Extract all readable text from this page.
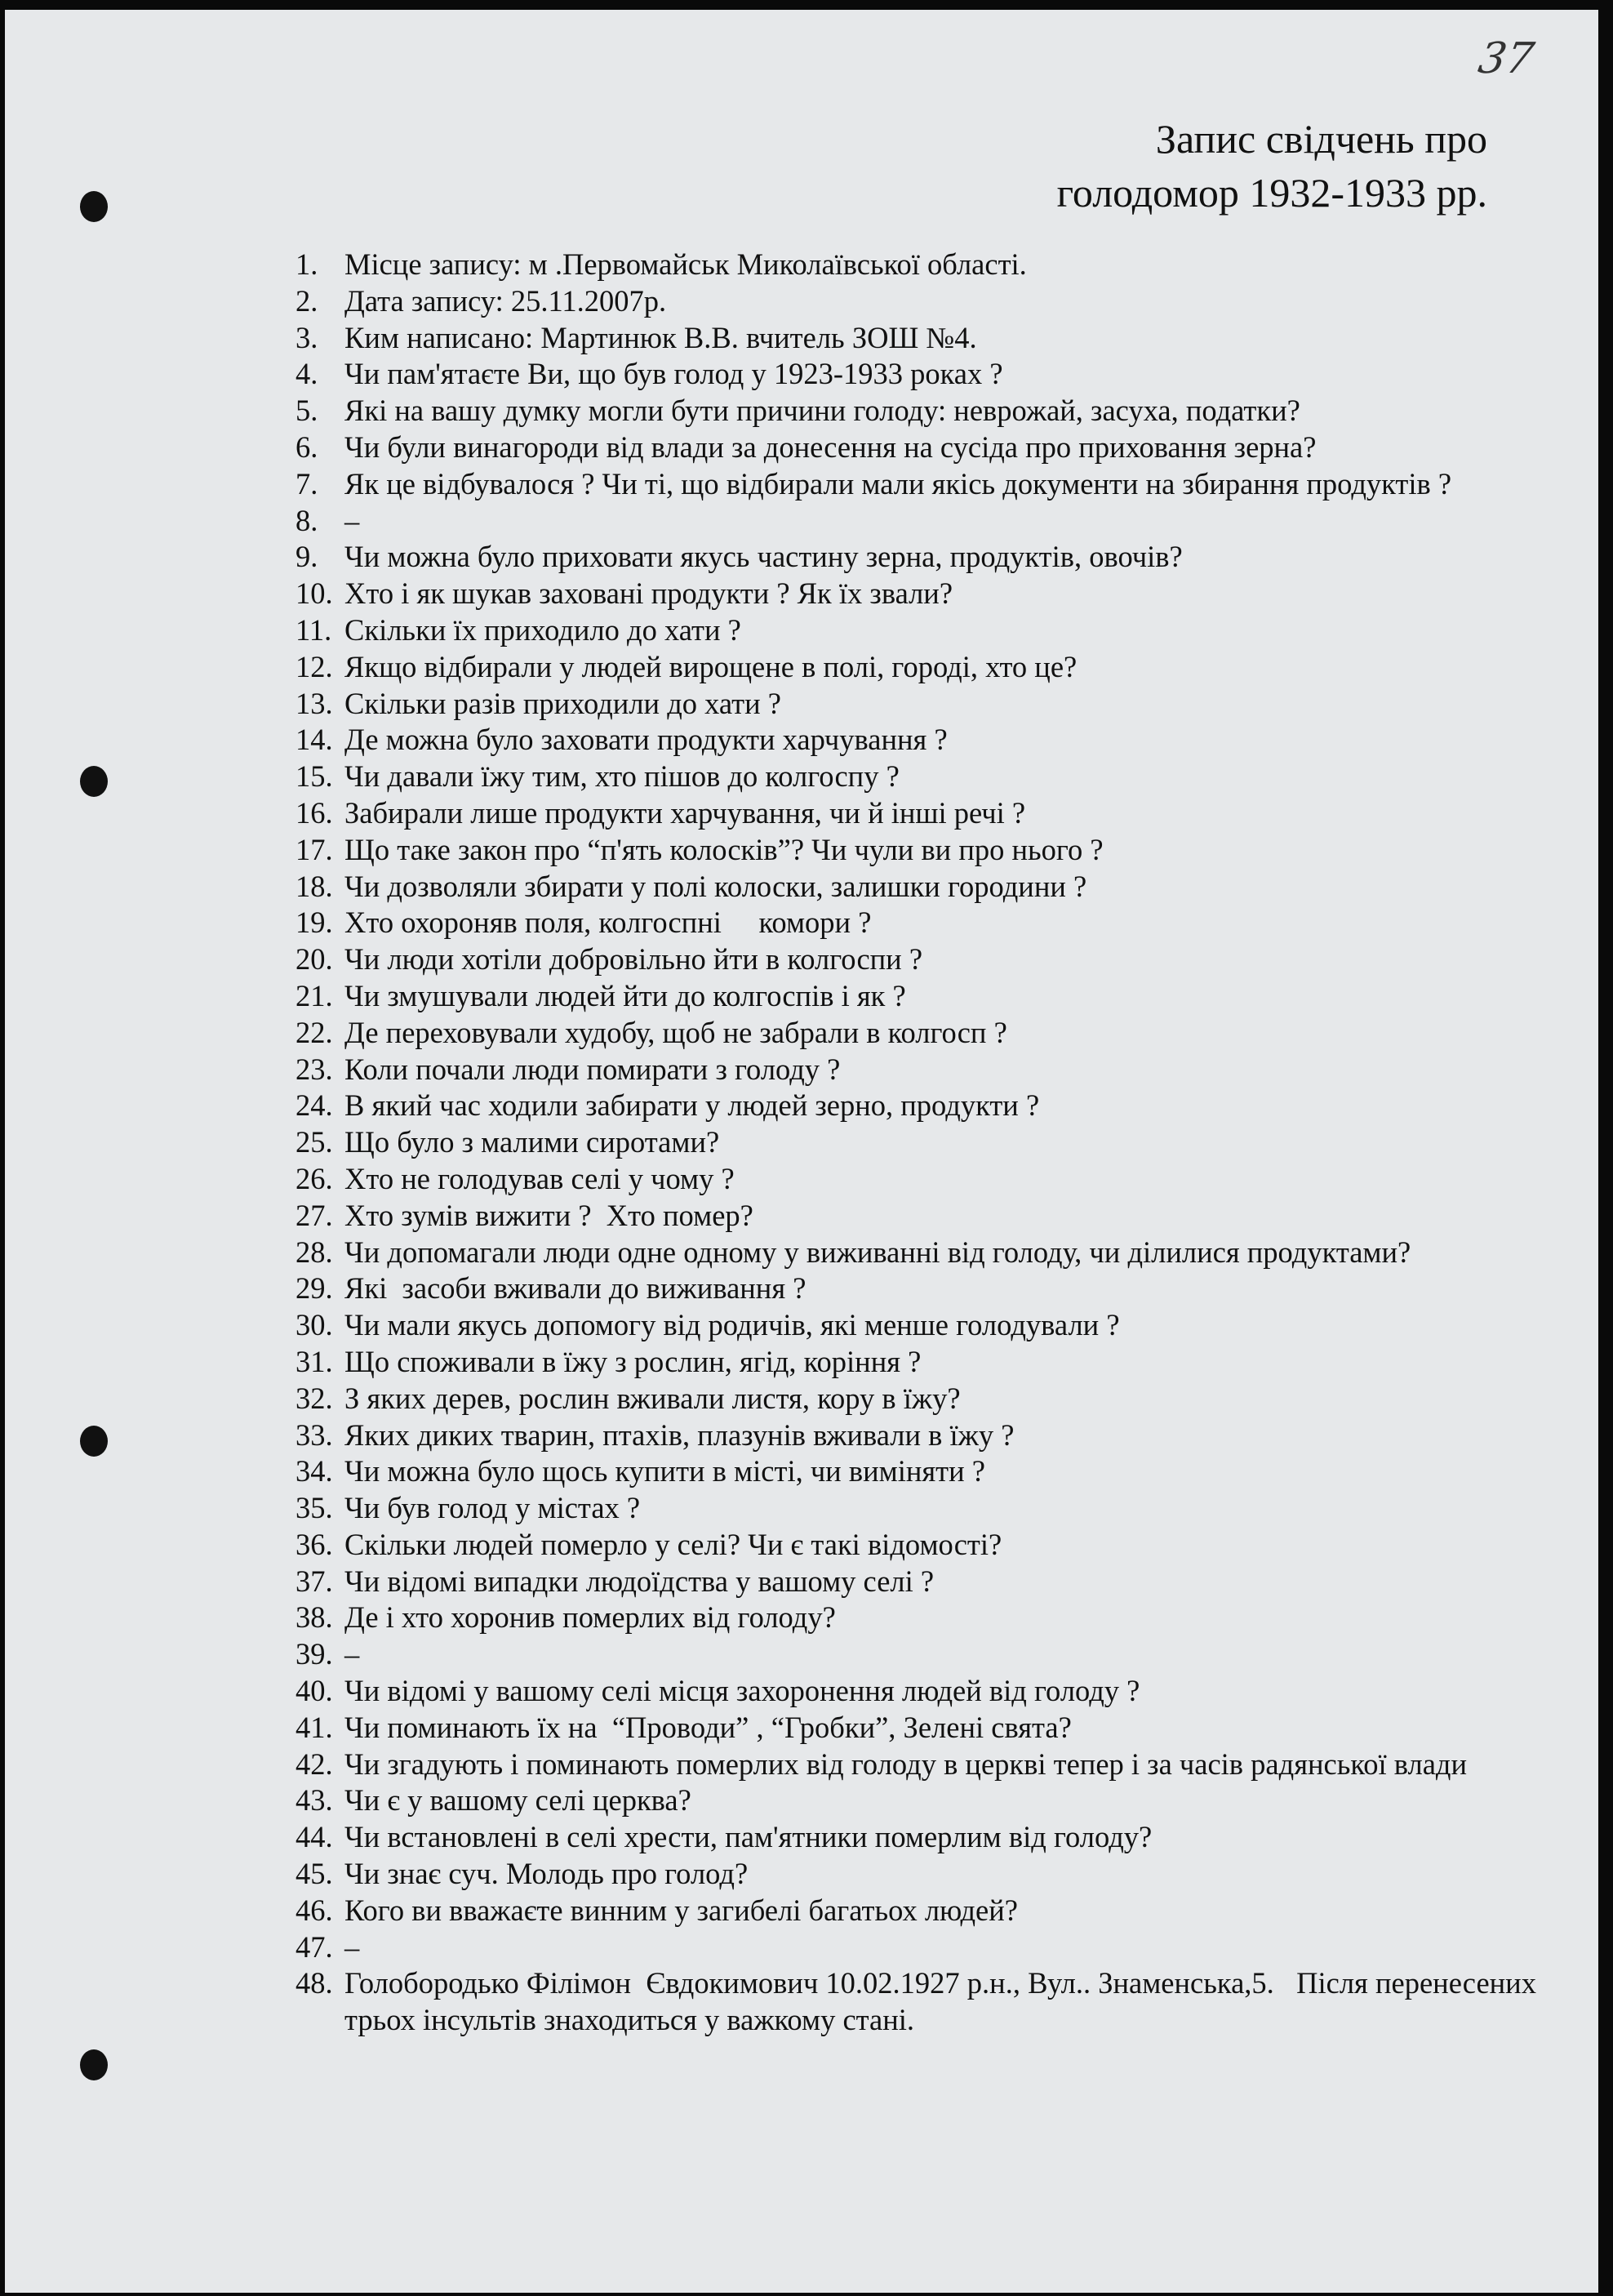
37
Запис свідчень про
голодомор 1932-1933 рр.
1. Місце запису: м .Первомайськ Миколаївської області.
2. Дата запису: 25.11.2007р.
3. Ким написано: Мартинюк В.В. вчитель ЗОШ №4.
4. Чи пам'ятаєте Ви, що був голод у 1923-1933 роках ?
5. Які на вашу думку могли бути причини голоду: неврожай, засуха, податки?
6. Чи були винагороди від влади за донесення на сусіда про приховання зерна?
7. Як це відбувалося ? Чи ті, що відбирали мали якісь документи на збирання продуктів ?
8. –
9. Чи можна було приховати якусь частину зерна, продуктів, овочів?
10. Хто і як шукав заховані продукти ? Як їх звали?
11. Скільки їх приходило до хати ?
12. Якщо відбирали у людей вирощене в полі, городі, хто це?
13. Скільки разів приходили до хати ?
14. Де можна було заховати продукти харчування ?
15. Чи давали їжу тим, хто пішов до колгоспу ?
16. Забирали лише продукти харчування, чи й інші речі ?
17. Що таке закон про “п'ять колосків”? Чи чули ви про нього ?
18. Чи дозволяли збирати у полі колоски, залишки городини ?
19. Хто охороняв поля, колгоспні     комори ?
20. Чи люди хотіли добровільно йти в колгоспи ?
21. Чи змушували людей йти до колгоспів і як ?
22. Де переховували худобу, щоб не забрали в колгосп ?
23. Коли почали люди помирати з голоду ?
24. В який час ходили забирати у людей зерно, продукти ?
25. Що було з малими сиротами?
26. Хто не голодував селі у чому ?
27. Хто зумів вижити ?  Хто помер?
28. Чи допомагали люди одне одному у виживанні від голоду, чи ділилися продуктами?
29. Які  засоби вживали до виживання ?
30. Чи мали якусь допомогу від родичів, які менше голодували ?
31. Що споживали в їжу з рослин, ягід, коріння ?
32. З яких дерев, рослин вживали листя, кору в їжу?
33. Яких диких тварин, птахів, плазунів вживали в їжу ?
34. Чи можна було щось купити в місті, чи виміняти ?
35. Чи був голод у містах ?
36. Скільки людей померло у селі? Чи є такі відомості?
37. Чи відомі випадки людоїдства у вашому селі ?
38. Де і хто хоронив померлих від голоду?
39. –
40. Чи відомі у вашому селі місця захоронення людей від голоду ?
41. Чи поминають їх на  “Проводи” , “Гробки”, Зелені свята?
42. Чи згадують і поминають померлих від голоду в церкві тепер і за часів радянської влади
43. Чи є у вашому селі церква?
44. Чи встановлені в селі хрести, пам'ятники померлим від голоду?
45. Чи знає суч. Молодь про голод?
46. Кого ви вважаєте винним у загибелі багатьох людей?
47. –
48. Голобородько Філімон  Євдокимович 10.02.1927 р.н., Вул.. Знаменська,5.   Після перенесених трьох інсультів знаходиться у важкому стані.
